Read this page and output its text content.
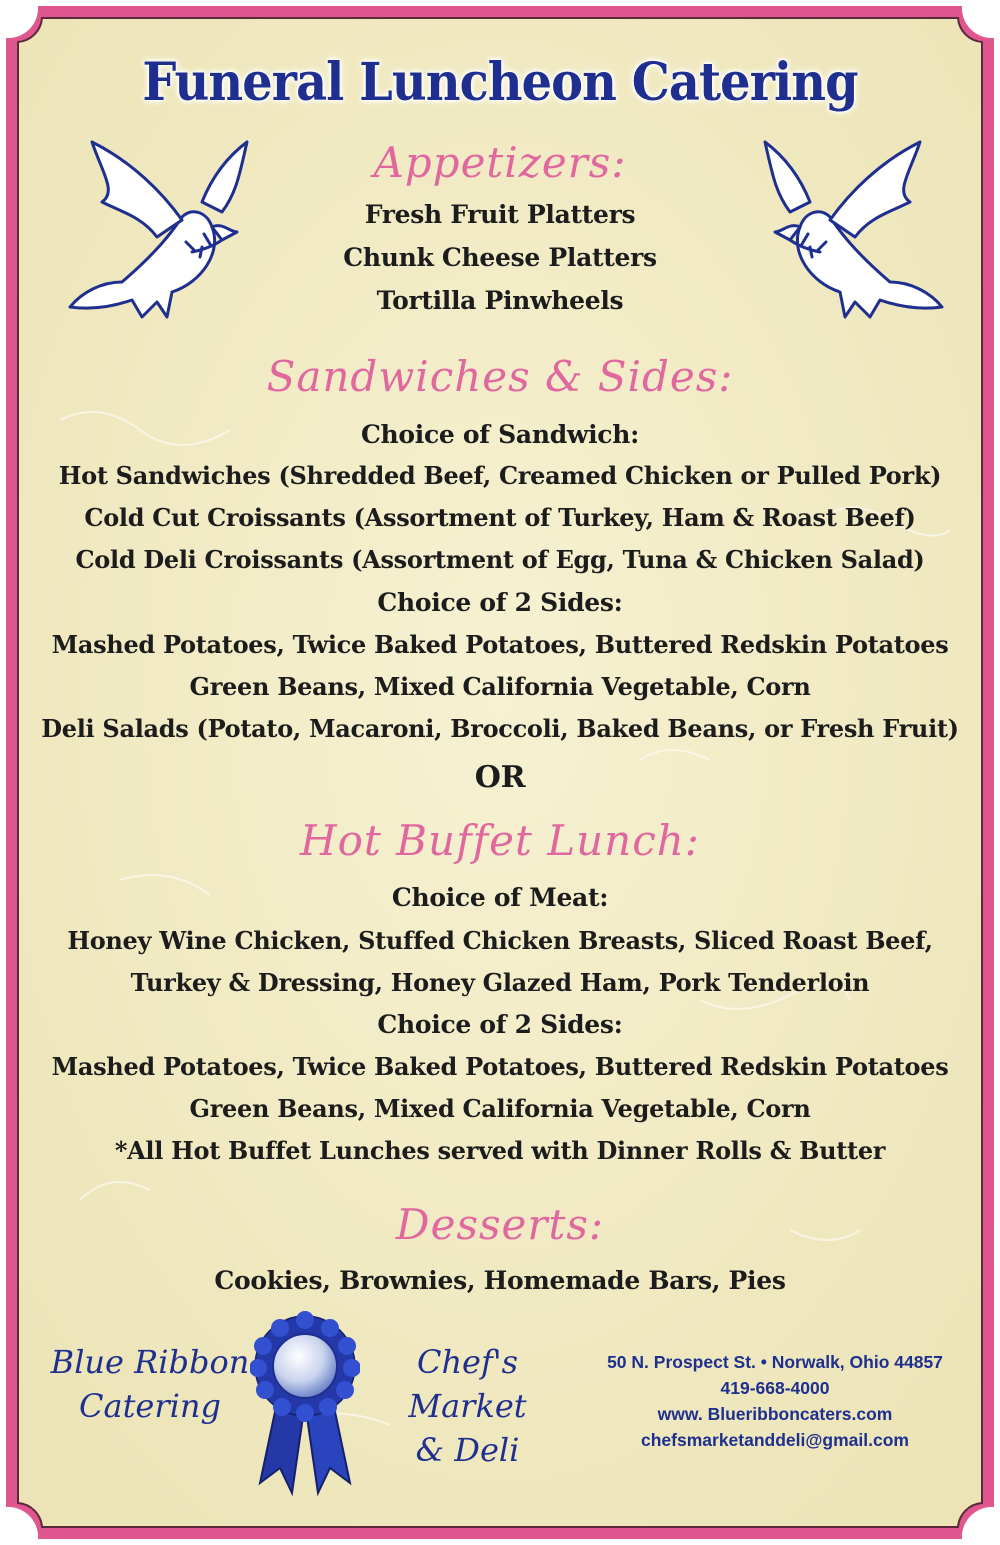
Funeral Luncheon Catering
Appetizers:
Fresh Fruit Platters
Chunk Cheese Platters
Tortilla Pinwheels
Sandwiches & Sides:
Choice of Sandwich:
Hot Sandwiches (Shredded Beef, Creamed Chicken or Pulled Pork)
Cold Cut Croissants (Assortment of Turkey, Ham & Roast Beef)
Cold Deli Croissants (Assortment of Egg, Tuna & Chicken Salad)
Choice of 2 Sides:
Mashed Potatoes, Twice Baked Potatoes, Buttered Redskin Potatoes
Green Beans, Mixed California Vegetable, Corn
Deli Salads (Potato, Macaroni, Broccoli, Baked Beans, or Fresh Fruit)
OR
Hot Buffet Lunch:
Choice of Meat:
Honey Wine Chicken, Stuffed Chicken Breasts, Sliced Roast Beef,
Turkey & Dressing, Honey Glazed Ham, Pork Tenderloin
Choice of 2 Sides:
Mashed Potatoes, Twice Baked Potatoes, Buttered Redskin Potatoes
Green Beans, Mixed California Vegetable, Corn
*All Hot Buffet Lunches served with Dinner Rolls & Butter
Desserts:
Cookies, Brownies, Homemade Bars, Pies
Blue Ribbon
Catering
Chef's Market
& Deli
50 N. Prospect St. • Norwalk, Ohio 44857
419-668-4000
www. Blueribboncaters.com
chefsmarketanddeli@gmail.com
